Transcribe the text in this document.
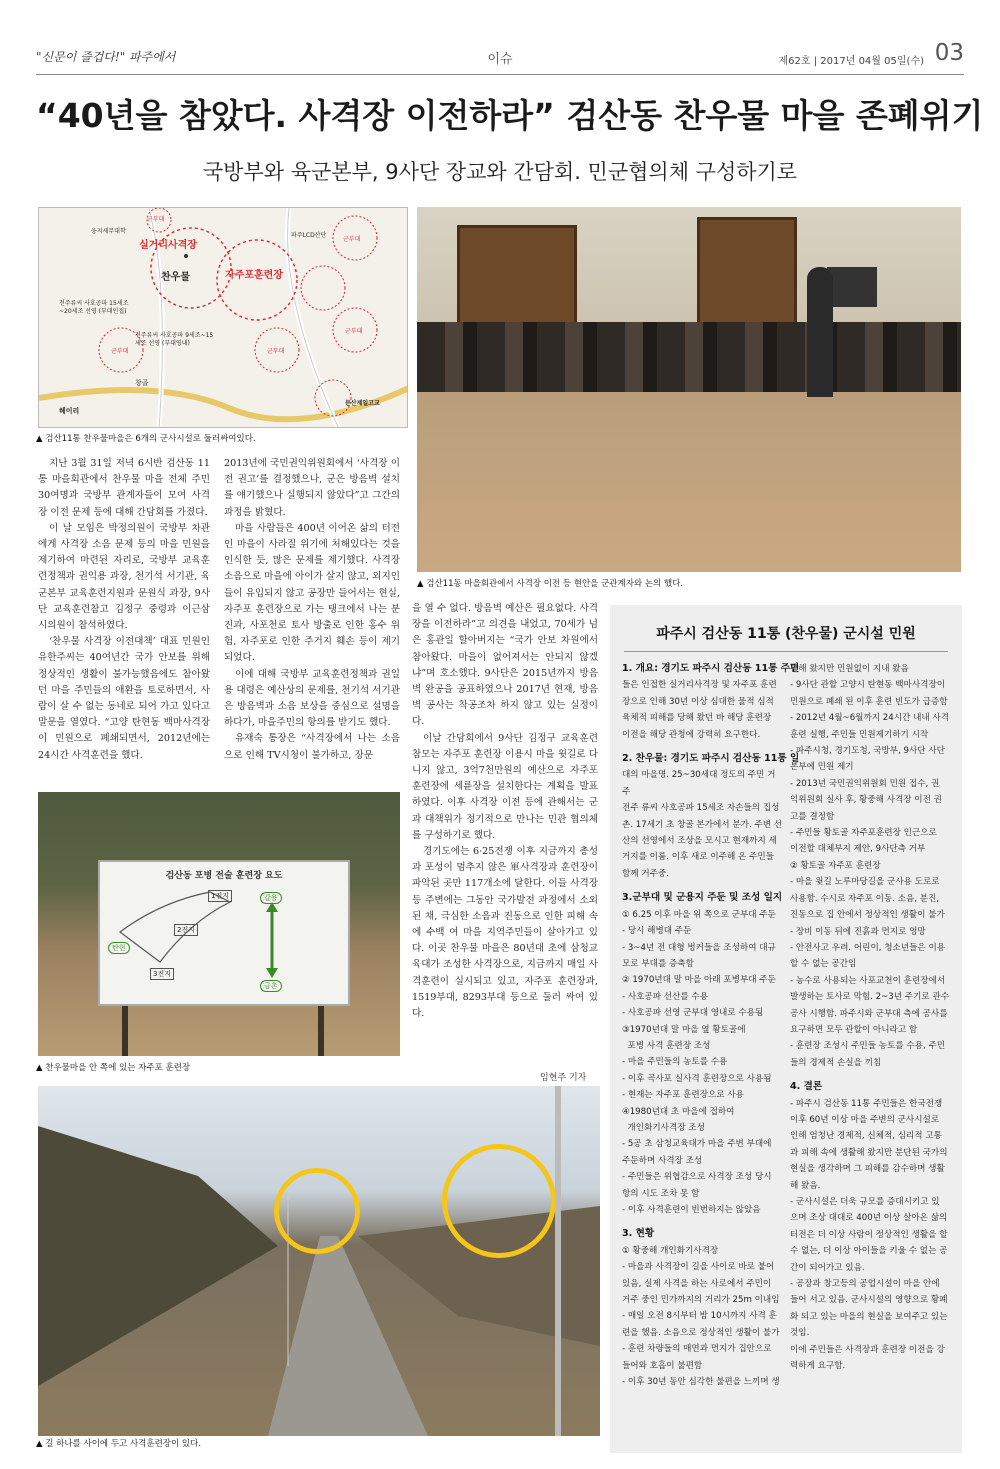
"신문이 즐겁다!" 파주에서	이슈	제62호 | 2017년 04월 05일(수) 03
“40년을 참았다. 사격장 이전하라” 검산동 찬우물 마을 존폐위기
국방부와 육군본부, 9사단 장교와 간담회. 민군협의체 구성하기로
실거리사격장
자주포훈련장
찬우물
웅지세무대학
파주LCD산단
전주류씨 사호공파 15세조~20세조 선영 (부대인접)
전주류씨 사호공파 9세조~15세조 선영 (부대영내)
군부대
군부대
군부대
군부대	군부대
창골
헤이리
문산제일고교
▲ 검산11통 찬우물마을은 6개의 군사시설로 둘러싸여있다.
▲ 검산11동 마을회관에서 사격장 이전 등 현안을 군관계자와 논의 했다.

지난 3월 31일 저녁 6시반 검산동 11통 마을회관에서 찬우물 마을 전체 주민 30여명과 국방부 관계자들이 모여 사격장 이전 문제 등에 대해 간담회를 가졌다.

이 날 모임은 박정의원이 국방부 차관에게 사격장 소음 문제 등의 마을 민원을 제기하여 마련된 자리로, 국방부 교육훈련정책과 권익용 과장, 천기석 서기관, 육군본부 교육훈련지원과 문원식 과장, 9사단 교육훈련참고 김정구 중령과 이근삼 시의원이 참석하였다.

‘찬우물 사격장 이전대책’ 대표 민원인 유한주씨는 40여년간 국가 안보를 위해 정상적인 생활이 불가능했음에도 참아왔던 마을 주민들의 애환을 토로하면서, 사람이 살 수 없는 동네로 되어 가고 있다고 말문을 열였다. “고양 탄현동 백마사격장이 민원으로 폐쇄되면서, 2012년에는 24시간 사격훈련을 했다.

2013년에 국민권익위원회에서 ‘사격장 이전 권고’를 결정했으나, 군은 방음벽 설치를 얘기했으나 실행되지 않았다”고 그간의 과정을 밝혔다.

마을 사람들은 400년 이어온 삶의 터전인 마을이 사라질 위기에 처해있다는 것을 인식한 듯, 많은 문제를 제기했다. 사격장 소음으로 마을에 아이가 살지 않고, 외지인들이 유입되지 않고 공장만 들어서는 현실, 자주포 훈련장으로 가는 탱크에서 나는 분진과, 사포천로 토사 방출로 인한 홍수 위험, 자주포로 인한 주거지 훼손 등이 제기되었다.

이에 대해 국방부 교육훈련정책과 권일용 대령은 예산상의 문제를, 천기석 서기관은 방음벽과 소음 보상을 중심으로 설명을 하다가, 마을주민의 항의를 받기도 했다.

유재숙 통장은 “사격장에서 나는 소음으로 인해 TV시청이 불가하고, 장문

을 열 수 없다. 방음벽 예산은 필요없다. 사격장을 이전하라”고 의견을 내었고, 70세가 넘은 홍관일 할아버지는 “국가 안보 차원에서 참아왔다. 마을이 없어져서는 안되지 않겠냐”며 호소했다. 9사단은 2015년까지 방음벽 완공을 공표하였으나 2017년 현재, 방음벽 공사는 착공조차 하지 않고 있는 실정이다.

이날 간담회에서 9사단 김정구 교육훈련참모는 자주포 훈련장 이용시 마을 윗길로 다니지 않고, 3억7천만원의 예산으로 자주포 훈련장에 세륜장을 설치한다는 계획을 발표하였다. 이후 사격장 이전 등에 관해서는 군과 대책위가 정기적으로 만나는 민관 협의체를 구성하기로 했다.

경기도에는 6·25전쟁 이후 지금까지 총성과 포성이 멈추지 않은 軍사격장과 훈련장이 파악된 곳만 117개소에 달한다. 이들 사격장 등 주변에는 그동안 국가발전 과정에서 소외된 채, 극심한 소음과 진동으로 인한 피해 속에 수백 여 마을 지역주민들이 살아가고 있다. 이곳 찬우물 마을은 80년대 초에 삼청교육대가 조성한 사격장으로, 지금까지 매일 사격훈련이 실시되고 있고, 자주포 훈련장과, 1519부대, 8293부대 등으로 둘러 싸여 있다.

임현주 기자
검산동 포병 전술 훈련장 요도
1진지
2진지
3진지
탄현
갈용
금촌
▲ 찬우물마을 안 쪽에 있는 자주포 훈련장
▲ 길 하나를 사이에 두고 사격훈련장이 있다.
파주시 검산동 11통 (찬우물) 군시설 민원
1. 개요: 경기도 파주시 검산동 11통 주민
들은 인접한 실거리사격장 및 자주포 훈련
장으로 인해 30년 이상 심대한 물적 심적
육체적 피해를 당해 왔던 바 해당 훈련장
이전을 해당 관청에 강력히 요구한다.
2. 찬우물: 경기도 파주시 검산동 11통 일
대의 마을명. 25~30세대 정도의 주민 거
주
전주 류씨 사호공파 15세조 자손들의 집성
촌. 17세기 초 창골 본가에서 분가. 주변 선
산의 선영에서 조상을 모시고 현재까지 세
거지를 이룸. 이후 새로 이주해 온 주민들
함께 거주중.
3.군부대 및 군용지 주둔 및 조성 일지
① 6.25 이후 마을 위 쪽으로 군부대 주둔
- 당시 해병대 주둔
- 3~4년 전 대형 벙커들을 조성하여 대규
모로 부대를 증축함
② 1970년대 말 마을 아래 포병부대 주둔
- 사호공파 선산를 수용
- 사호공파 선영 군부대 영내로 수용됨
③1970년대 말 마을 옆 황토골에
포병 사격 훈련장 조성
- 마을 주민들의 농토를 수용
- 이후 곡사포 실사격 훈련장으로 사용됨
- 현재는 자주포 훈련장으로 사용
④1980년대 초 마을에 접하여
개인화기사격장 조성
- 5공 초 삼청교육대가 마을 주변 부대에
주둔하며 사격장 조성
- 주민들은 위협감으로 사격장 조성 당시
항의 시도 조차 못 함
- 이후 사격훈련이 빈번하지는 않았음
3. 현황
① 황중해 개인화기사격장
- 마을과 사격장이 길을 사이로 바로 붙어
있음, 실제 사격을 하는 사로에서 주민이
거주 중인 민가까지의 거리가 25m 이내임
- 매일 오전 8시부터 밤 10시까지 사격 훈
련을 했음. 소음으로 정상적인 생활이 불가
- 훈련 차량들의 매연과 먼지가 집안으로
들어와 호흡이 불편함
- 이후 30년 동안 심각한 불편을 느끼며 생
활해 왔지만 민원없이 지내 왔음
- 9사단 관할 고양시 탄현동 백마사격장이
민원으로 폐쇄 된 이후 훈련 빈도가 급증함
- 2012년 4월~6월까지 24시간 내내 사격
훈련 실행, 주민들 민원제기하기 시작
- 파주시청, 경기도청, 국방부, 9사단 사단
본부에 민원 제기
- 2013년 국민권익위원회 민원 접수, 권
익위원회 실사 후, 황중해 사격장 이전 권
고를 결정함
- 주민들 황토골 자주포훈련장 인근으로
이전할 대체부지 제안, 9사단측 거부
② 황토골 자주포 훈련장
- 마을 윗길 노루마당길을 군사용 도로로
사용함. 수시로 자주포 이동. 소음, 분진,
진동으로 집 안에서 정상적인 생활이 불가
- 장비 이동 뒤에 진흙과 먼지로 엉망
- 안전사고 우려. 어린이, 청소년들은 이용
할 수 없는 공간임
- 농수로 사용되는 사포교천이 훈련장에서
발생하는 토사로 막힘. 2~3년 주기로 관수
공사 시행함. 파주시와 군부대 측에 공사를
요구하면 모두 관할이 아니라고 함
- 훈련장 조성시 주민들 농토를 수용, 주민
들의 경제적 손실을 끼침
4. 결론
- 파주시 검산동 11통 주민들은 한국전쟁
이후 60년 이상 마을 주변의 군사시설로
인해 엄청난 경제적, 신체적, 심리적 고통
과 피해 속에 생활해 왔지만 분단된 국가의
현실을 생각하며 그 피해를 감수하며 생활
해 왔음.
- 군사시설은 더욱 규모를 증대시키고 있
으며 조상 대대로 400년 이상 살아온 삶의
터전은 더 이상 사람이 정상적인 생활을 할
수 없는, 더 이상 아이들을 키울 수 없는 공
간이 되어가고 있음.
- 공장과 창고등의 공업시설이 마을 안에
들어 서고 있음. 군사시설의 영향으로 황폐
화 되고 있는 마을의 현실을 보여주고 있는
것임.
이에 주민들은 사격장과 훈련장 이전을 강
력하게 요구함.
